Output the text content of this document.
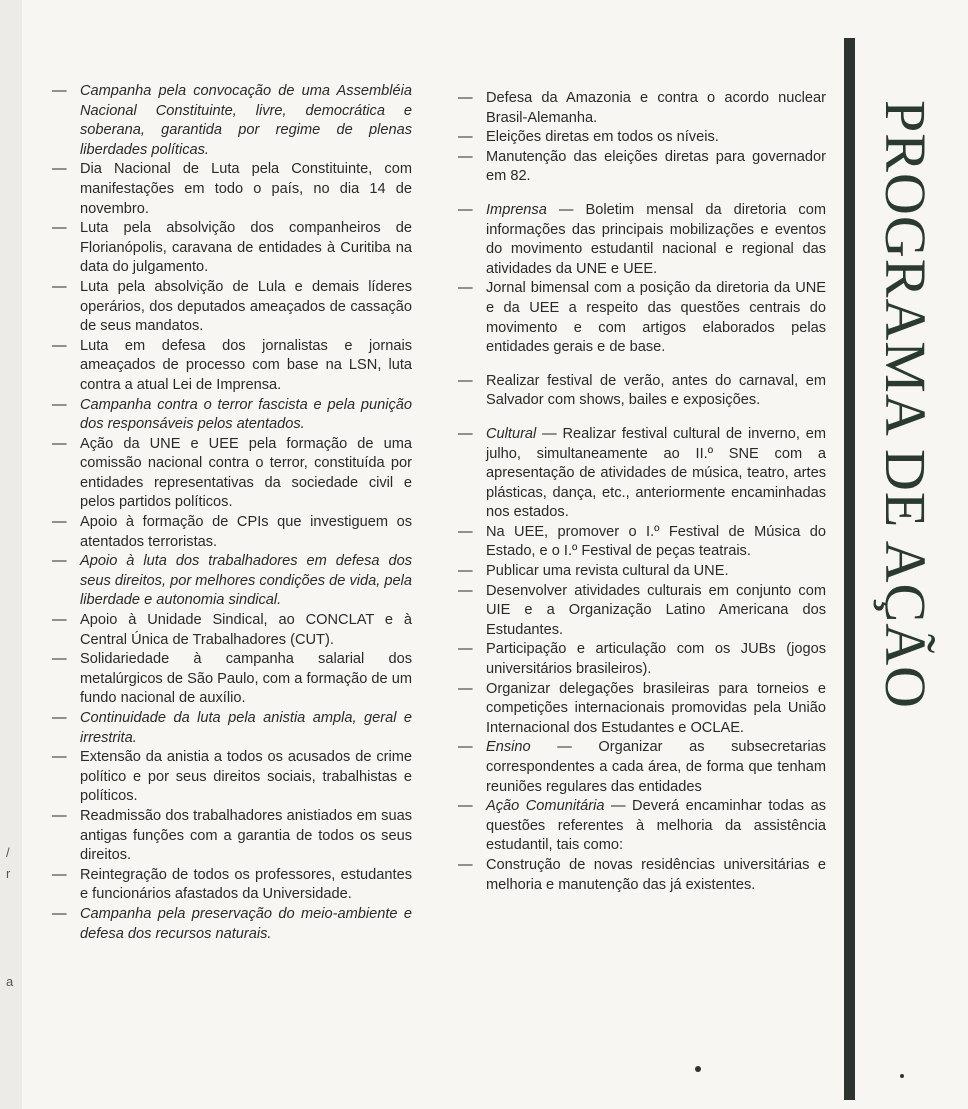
/
r
a

— Campanha pela convocação de uma Assembléia Nacional Constituinte, livre, democrática e soberana, garantida por regime de plenas liberdades políticas.

— Dia Nacional de Luta pela Constituinte, com manifestações em todo o país, no dia 14 de novembro.

— Luta pela absolvição dos companheiros de Florianópolis, caravana de entidades à Curitiba na data do julgamento.

— Luta pela absolvição de Lula e demais líderes operários, dos deputados ameaçados de cassação de seus mandatos.

— Luta em defesa dos jornalistas e jornais ameaçados de processo com base na LSN, luta contra a atual Lei de Imprensa.

— Campanha contra o terror fascista e pela punição dos responsáveis pelos atentados.

— Ação da UNE e UEE pela formação de uma comissão nacional contra o terror, constituída por entidades representativas da sociedade civil e pelos partidos políticos.

— Apoio à formação de CPIs que investiguem os atentados terroristas.

— Apoio à luta dos trabalhadores em defesa dos seus direitos, por melhores condições de vida, pela liberdade e autonomia sindical.

— Apoio à Unidade Sindical, ao CONCLAT e à Central Única de Trabalhadores (CUT).

— Solidariedade à campanha salarial dos metalúrgicos de São Paulo, com a formação de um fundo nacional de auxílio.

— Continuidade da luta pela anistia ampla, geral e irrestrita.

— Extensão da anistia a todos os acusados de crime político e por seus direitos sociais, trabalhistas e políticos.

— Readmissão dos trabalhadores anistiados em suas antigas funções com a garantia de todos os seus direitos.

— Reintegração de todos os professores, estudantes e funcionários afastados da Universidade.

— Campanha pela preservação do meio-ambiente e defesa dos recursos naturais.

— Defesa da Amazonia e contra o acordo nuclear Brasil-Alemanha.

— Eleições diretas em todos os níveis.

— Manutenção das eleições diretas para governador em 82.

— Imprensa — Boletim mensal da diretoria com informações das principais mobilizações e eventos do movimento estudantil nacional e regional das atividades da UNE e UEE.

— Jornal bimensal com a posição da diretoria da UNE e da UEE a respeito das questões centrais do movimento e com artigos elaborados pelas entidades gerais e de base.

— Realizar festival de verão, antes do carnaval, em Salvador com shows, bailes e exposições.

— Cultural — Realizar festival cultural de inverno, em julho, simultaneamente ao II.º SNE com a apresentação de atividades de música, teatro, artes plásticas, dança, etc., anteriormente encaminhadas nos estados.

— Na UEE, promover o I.º Festival de Música do Estado, e o I.º Festival de peças teatrais.

— Publicar uma revista cultural da UNE.

— Desenvolver atividades culturais em conjunto com UIE e a Organização Latino Americana dos Estudantes.

— Participação e articulação com os JUBs (jogos universitários brasileiros).

— Organizar delegações brasileiras para torneios e competições internacionais promovidas pela União Internacional dos Estudantes e OCLAE.

— Ensino — Organizar as subsecretarias correspondentes a cada área, de forma que tenham reuniões regulares das entidades

— Ação Comunitária — Deverá encaminhar todas as questões referentes à melhoria da assistência estudantil, tais como:

— Construção de novas residências universitárias e melhoria e manutenção das já existentes.

PROGRAMA DE AÇÃO
